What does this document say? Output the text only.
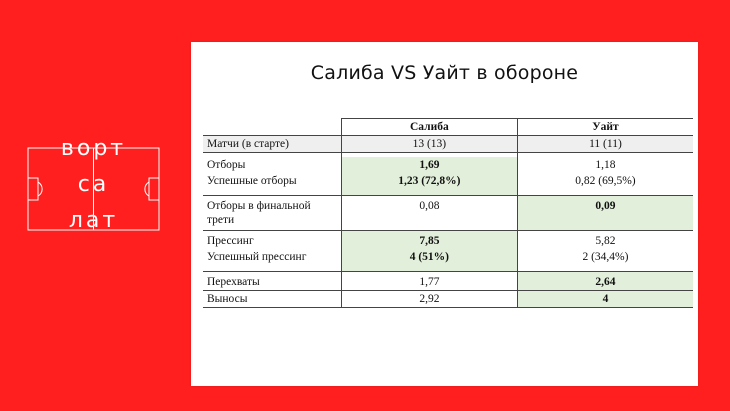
ворт
са
лат
Салиба VS Уайт в обороне
	Салиба	Уайт
Матчи (в старте)	13 (13)	11 (11)

Отборы	1,69	1,18
Успешные отборы	1,23 (72,8%)	0,82 (69,5%)
Отборы в финальной трети	0,08	0,09
Прессинг	7,85	5,82
Успешный прессинг	4 (51%)	2 (34,4%)
Перехваты	1,77	2,64
Выносы	2,92	4
